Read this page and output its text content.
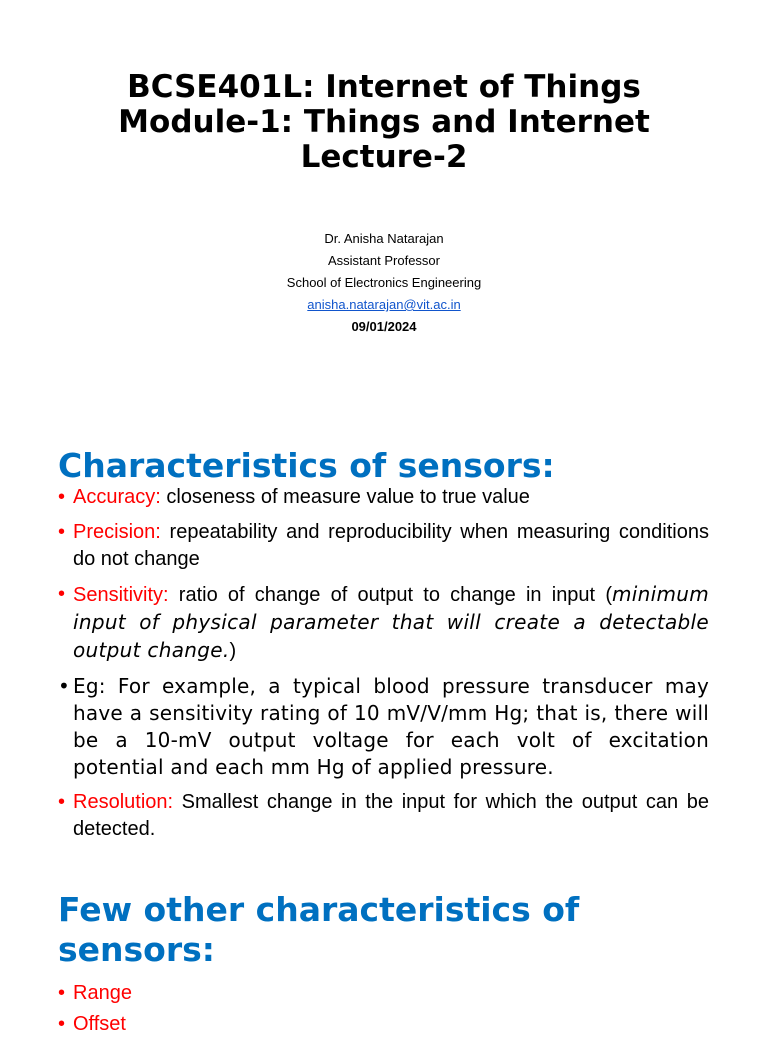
BCSE401L: Internet of Things
Module-1: Things and Internet
Lecture-2
Dr. Anisha Natarajan
Assistant Professor
School of Electronics Engineering
anisha.natarajan@vit.ac.in
09/01/2024
Characteristics of sensors:
• Accuracy: closeness of measure value to true value
• Precision: repeatability and reproducibility when measuring conditions do not change
• Sensitivity: ratio of change of output to change in input (minimum input of physical parameter that will create a detectable output change.)
• Eg: For example, a typical blood pressure transducer may have a sensitivity rating of 10 mV/V/mm Hg; that is, there will be a 10-mV output voltage for each volt of excitation potential and each mm Hg of applied pressure.
• Resolution: Smallest change in the input for which the output can be detected.
Few other characteristics of sensors:
• Range
• Offset
